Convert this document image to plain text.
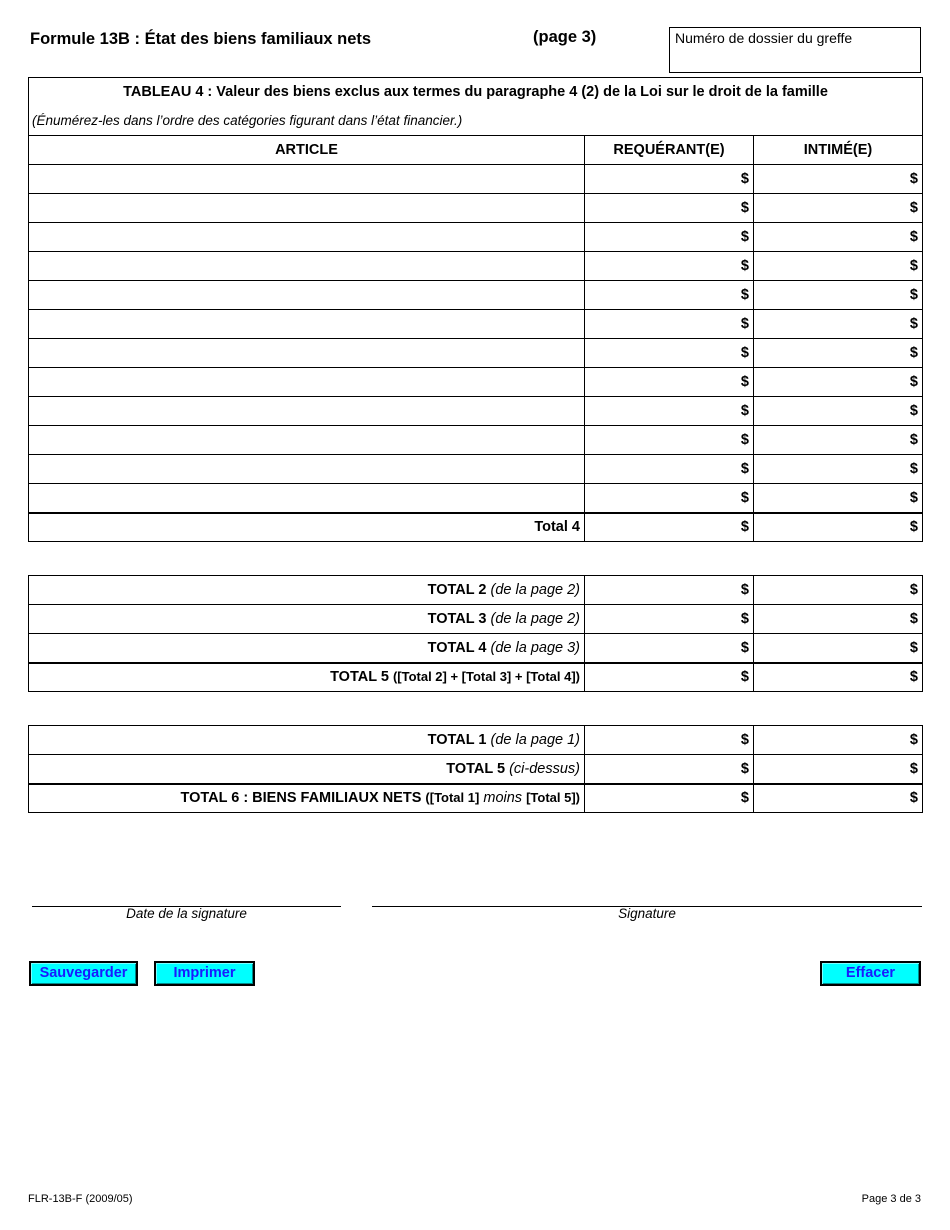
Formule 13B : État des biens familiaux nets	(page 3)	Numéro de dossier du greffe
TABLEAU 4 : Valeur des biens exclus aux termes du paragraphe 4 (2) de la Loi sur le droit de la famille		
(Énumérez-les dans l’ordre des catégories figurant dans l’état financier.)		
ARTICLE	REQUÉRANT(E)	INTIMÉ(E)
	$	$
	$	$
	$	$
	$	$
	$	$
	$	$
	$	$
	$	$
	$	$
	$	$
	$	$
	$	$
Total 4	$	$
TOTAL 2 (de la page 2)	$	$
TOTAL 3 (de la page 2)	$	$
TOTAL 4 (de la page 3)	$	$
TOTAL 5 ([Total 2] + [Total 3] + [Total 4])	$	$
TOTAL 1 (de la page 1)	$	$
TOTAL 5 (ci-dessus)	$	$
TOTAL 6 : BIENS FAMILIAUX NETS ([Total 1] moins [Total 5])	$	$
Date de la signature	Signature
Sauvegarder	Imprimer	Effacer
FLR-13B-F (2009/05)	Page 3 de 3
